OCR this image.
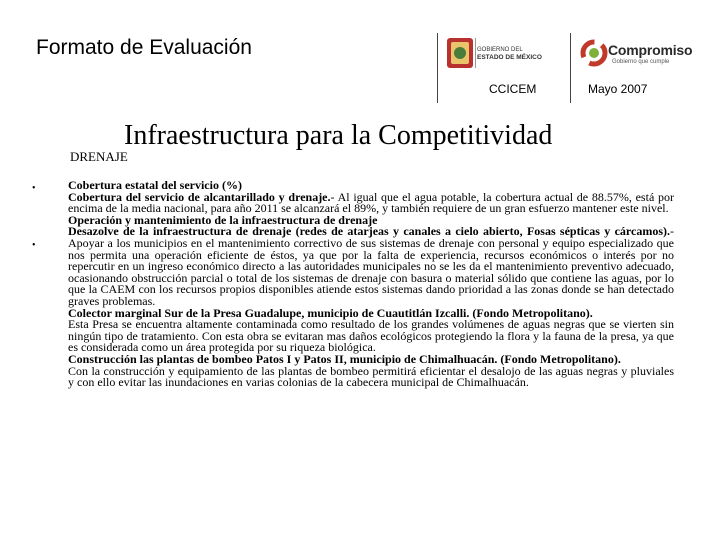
Formato de Evaluación	GOBIERNO DEL

ESTADO DE MÉXICO	Compromiso
Gobierno que cumple
CCICEM	Mayo 2007
Infraestructura para la Competitividad
DRENAJE
•
•

Cobertura estatal del servicio (%)

Cobertura del servicio de alcantarillado y drenaje.- Al igual que el agua potable, la cobertura actual de 88.57%, está por encima de la media nacional, para año 2011 se alcanzará el 89%, y también requiere de un gran esfuerzo mantener este nivel.

Operación y mantenimiento de la infraestructura de drenaje

Desazolve de la infraestructura de drenaje (redes de atarjeas y canales a cielo abierto, Fosas sépticas y cárcamos).-Apoyar a los municipios en el mantenimiento correctivo de sus sistemas de drenaje con personal y equipo especializado que nos permita una operación eficiente de éstos, ya que por la falta de experiencia, recursos económicos o interés por no repercutir en un ingreso económico directo a las autoridades municipales no se les da el mantenimiento preventivo adecuado, ocasionando obstrucción parcial o total de los sistemas de drenaje con basura o material sólido que contiene las aguas, por lo que la CAEM con los recursos propios disponibles atiende estos sistemas dando prioridad a las zonas donde se han detectado graves problemas.

Colector marginal Sur de la Presa Guadalupe, municipio de Cuautitlán Izcalli. (Fondo Metropolitano).

Esta Presa se encuentra altamente contaminada como resultado de los grandes volúmenes de aguas negras que se vierten sin ningún tipo de tratamiento. Con esta obra se evitaran mas daños ecológicos protegiendo la flora y la fauna de la presa, ya que es considerada como un área protegida por su riqueza biológica.

Construcción las plantas de bombeo Patos I y Patos II, municipio de Chimalhuacán. (Fondo Metropolitano).

Con la construcción y equipamiento de las plantas de bombeo permitirá eficientar el desalojo de las aguas negras y pluviales y con ello evitar las inundaciones en varias colonias de la cabecera municipal de Chimalhuacán.
